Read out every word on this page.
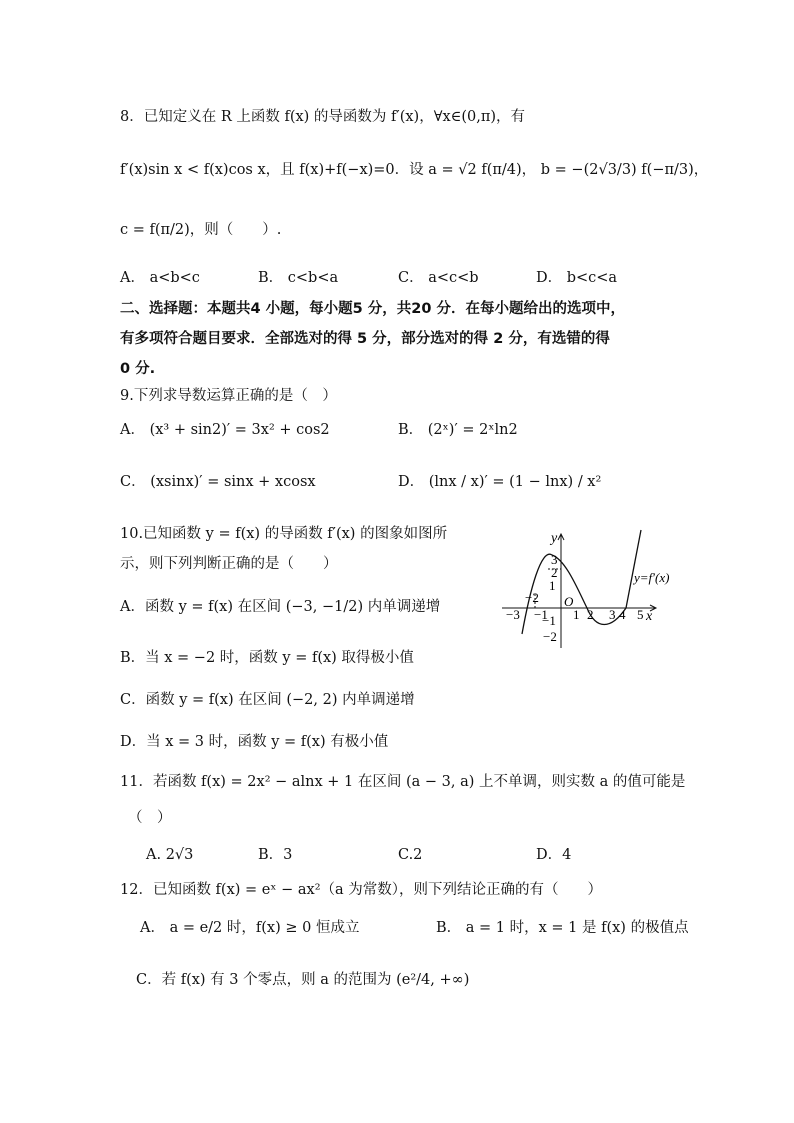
8．已知定义在 R 上函数 f(x) 的导函数为 f′(x)，∀x∈(0,π)，有
f′(x)sin x < f(x)cos x，且 f(x)+f(−x)=0．设 a = √2 f(π/4)， b = −(2√3/3) f(−π/3)，
c = f(π/2)，则（　　）.
A． a<b<c	B． c<b<a	C． a<c<b	D． b<c<a
二、选择题：本题共4 小题，每小题5 分，共20 分．在每小题给出的选项中，
有多项符合题目要求．全部选对的得 5 分，部分选对的得 2 分，有选错的得
0 分.
9.下列求导数运算正确的是（　）
A． (x³ + sin2)′ = 3x² + cos2	B． (2ˣ)′ = 2ˣln2
C． (xsinx)′ = sinx + xcosx	D． (lnx / x)′ = (1 − lnx) / x²
10.已知函数 y = f(x) 的导函数 f′(x) 的图象如图所
示，则下列判断正确的是（　　）
A．函数 y = f(x) 在区间 (−3, −1/2) 内单调递增
B．当 x = −2 时，函数 y = f(x) 取得极小值
C．函数 y = f(x) 在区间 (−2, 2) 内单调递增
D．当 x = 3 时，函数 y = f(x) 有极小值
y
x
O
y=f′(x)
−3
−2
−1 1 2 3 4 5
3
2
1
−1
−2
11．若函数 f(x) = 2x² − alnx + 1 在区间 (a − 3, a) 上不单调，则实数 a 的值可能是
（　）
A. 2√3	B．3	C.2	D．4
12．已知函数 f(x) = eˣ − ax²（a 为常数），则下列结论正确的有（　　）
A． a = e/2 时，f(x) ≥ 0 恒成立	B． a = 1 时，x = 1 是 f(x) 的极值点
C．若 f(x) 有 3 个零点，则 a 的范围为 (e²/4, +∞)
